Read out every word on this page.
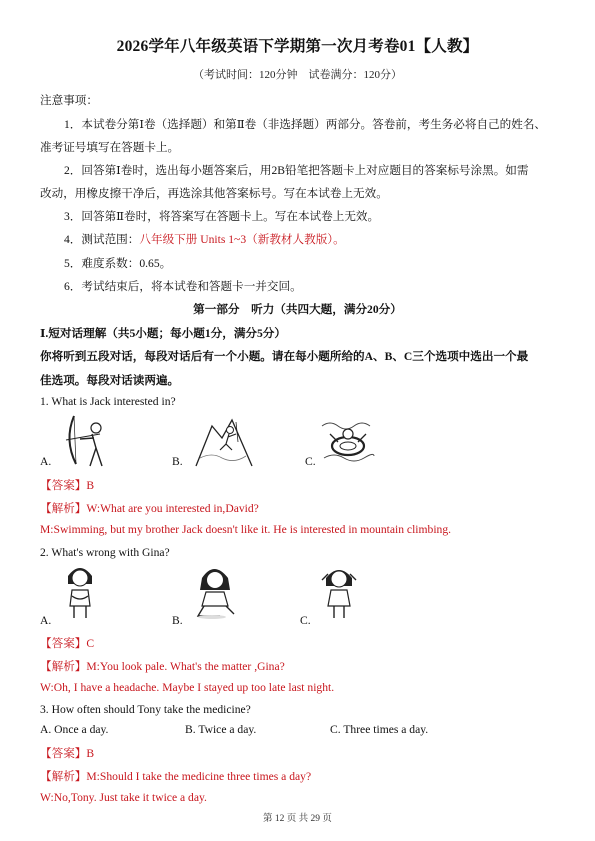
2026学年八年级英语下学期第一次月考卷01【人教】
（考试时间：120分钟　试卷满分：120分）
注意事项：
1．本试卷分第Ⅰ卷（选择题）和第Ⅱ卷（非选择题）两部分。答卷前，考生务必将自己的姓名、
准考证号填写在答题卡上。
2．回答第Ⅰ卷时，选出每小题答案后，用2B铅笔把答题卡上对应题目的答案标号涂黑。如需
改动，用橡皮擦干净后，再选涂其他答案标号。写在本试卷上无效。
3．回答第Ⅱ卷时，将答案写在答题卡上。写在本试卷上无效。
4．测试范围：八年级下册 Units 1~3（新教材人教版）。
5．难度系数：0.65。
6．考试结束后，将本试卷和答题卡一并交回。
第一部分　听力（共四大题，满分20分）
Ⅰ.短对话理解（共5小题；每小题1分，满分5分）
你将听到五段对话，每段对话后有一个小题。请在每小题所给的A、B、C三个选项中选出一个最
佳选项。每段对话读两遍。
1. What is Jack interested in?
A.	B.	C.
【答案】B
【解析】W:What are you interested in,David?
M:Swimming, but my brother Jack doesn't like it. He is interested in mountain climbing.
2. What's wrong with Gina?
A.	B.	C.
【答案】C
【解析】M:You look pale. What's the matter ,Gina?
W:Oh, I have a headache. Maybe I stayed up too late last night.
3. How often should Tony take the medicine?
A. Once a day.	B. Twice a day.	C. Three times a day.
【答案】B
【解析】M:Should I take the medicine three times a day?
W:No,Tony. Just take it twice a day.
第 12 页 共 29 页
